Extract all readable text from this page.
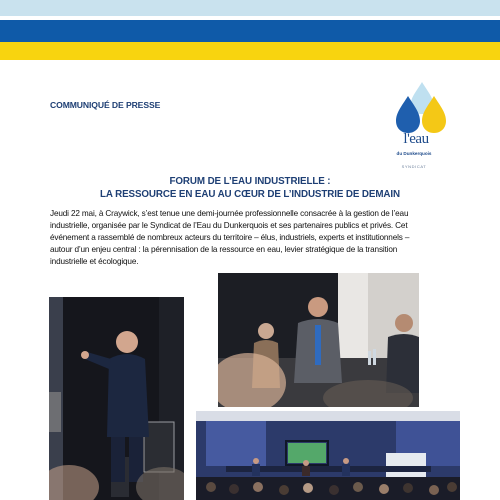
COMMUNIQUÉ DE PRESSE
l'eau
du Dunkerquois
SYNDICAT
FORUM DE L’EAU INDUSTRIELLE :
LA RESSOURCE EN EAU AU CŒUR DE L’INDUSTRIE DE DEMAIN
Jeudi 22 mai, à Craywick, s’est tenue une demi-journée professionnelle consacrée à la gestion de l’eau
industrielle, organisée par le Syndicat de l’Eau du Dunkerquois et ses partenaires publics et privés. Cet
événement a rassemblé de nombreux acteurs du territoire – élus, industriels, experts et institutionnels –
autour d’un enjeu central : la pérennisation de la ressource en eau, levier stratégique de la transition
industrielle et écologique.
